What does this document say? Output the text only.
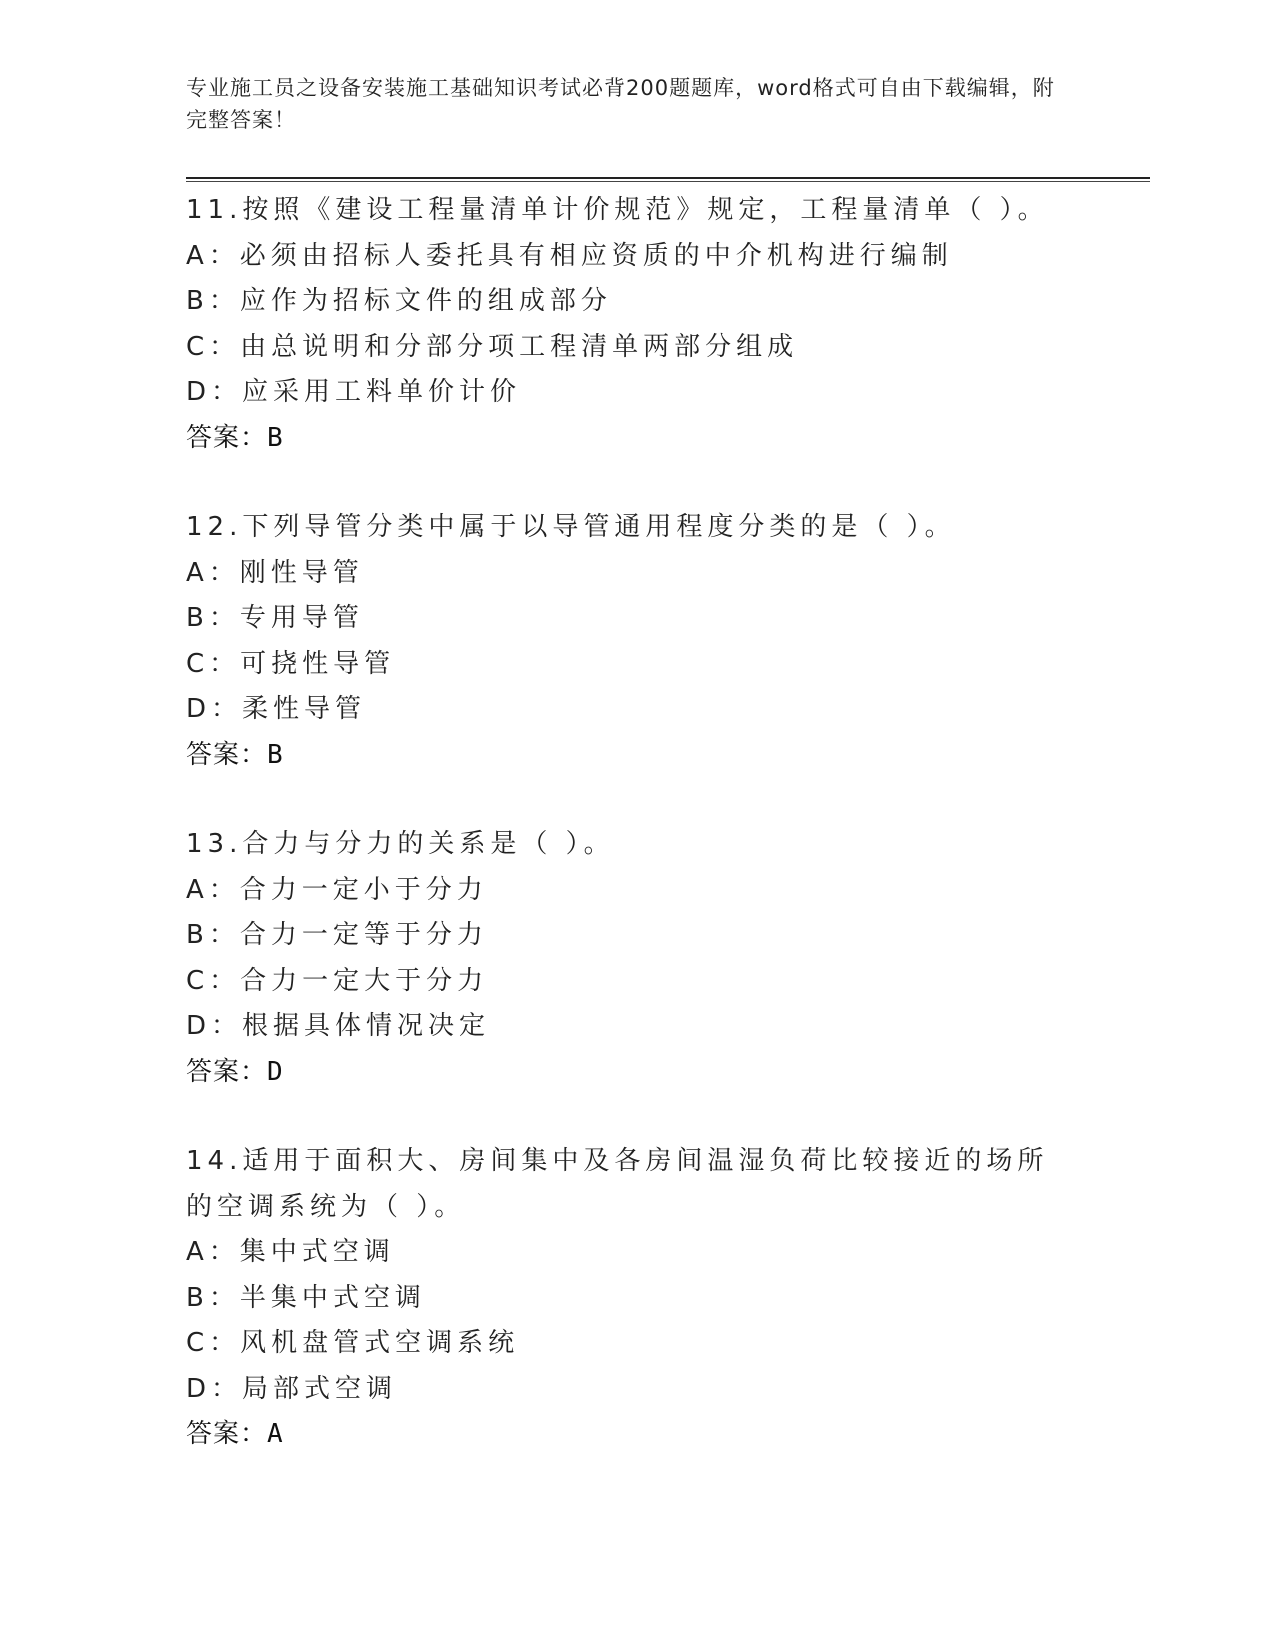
专业施工员之设备安装施工基础知识考试必背200题题库，word格式可自由下载编辑，附完整答案！
11.按照《建设工程量清单计价规范》规定，工程量清单（ ）。
A：必须由招标人委托具有相应资质的中介机构进行编制
B：应作为招标文件的组成部分
C：由总说明和分部分项工程清单两部分组成
D：应采用工料单价计价
答案：B
12.下列导管分类中属于以导管通用程度分类的是（ ）。
A：刚性导管
B：专用导管
C：可挠性导管
D：柔性导管
答案：B
13.合力与分力的关系是（ ）。
A：合力一定小于分力
B：合力一定等于分力
C：合力一定大于分力
D：根据具体情况决定
答案：D
14.适用于面积大、房间集中及各房间温湿负荷比较接近的场所的空调系统为（ ）。
A：集中式空调
B：半集中式空调
C：风机盘管式空调系统
D：局部式空调
答案：A
